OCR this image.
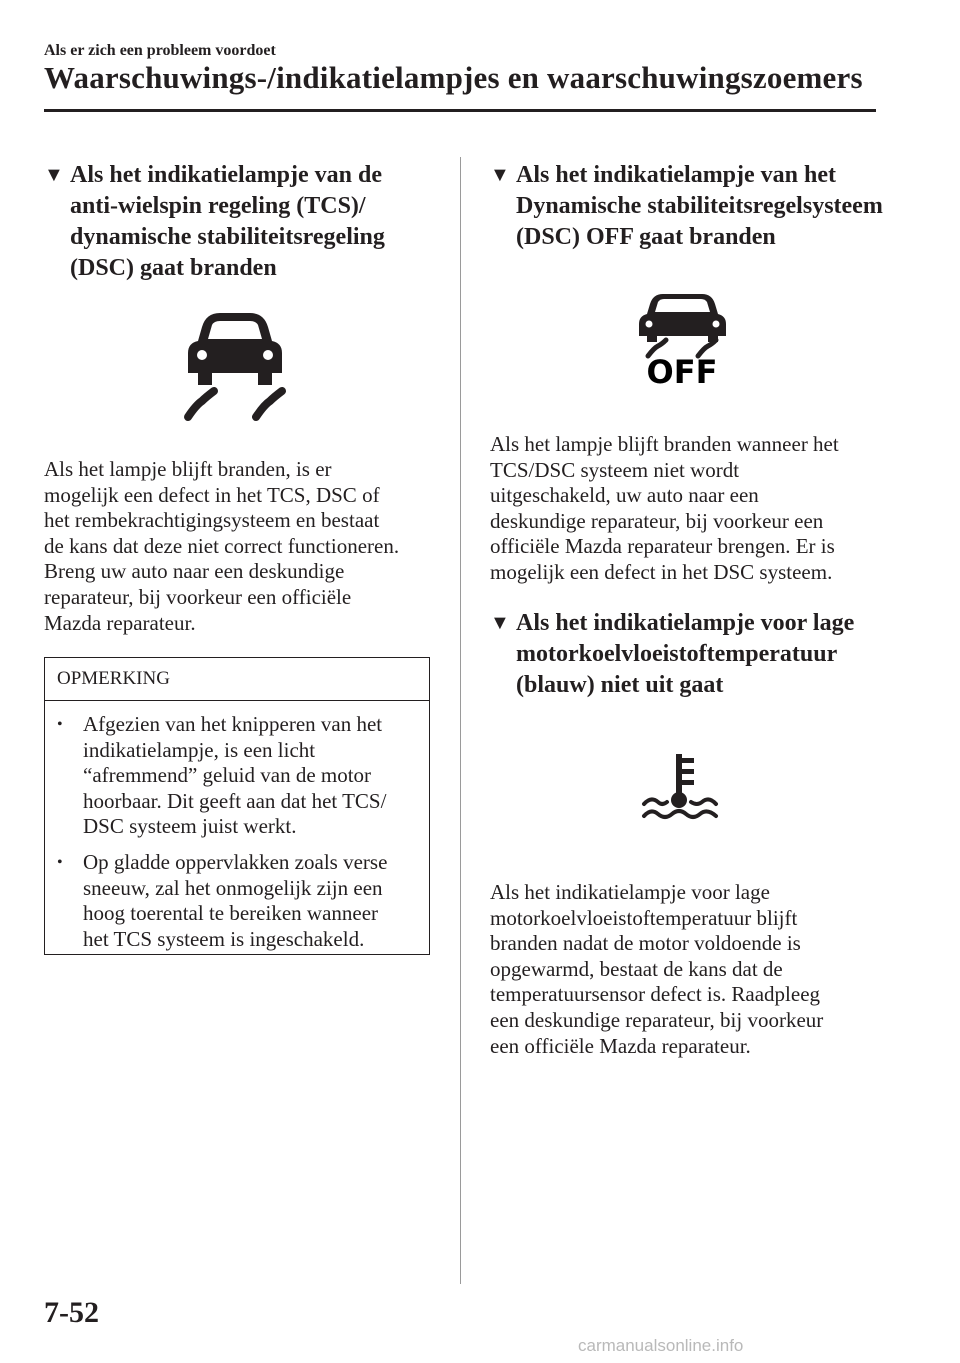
Als er zich een probleem voordoet
Waarschuwings-/indikatielampjes en waarschuwingszoemers
▼ Als het indikatielampje van de
anti-wielspin regeling (TCS)/
dynamische stabiliteitsregeling
(DSC) gaat branden
Als het lampje blijft branden, is er
mogelijk een defect in het TCS, DSC of
het rembekrachtigingsysteem en bestaat
de kans dat deze niet correct functioneren.
Breng uw auto naar een deskundige
reparateur, bij voorkeur een officiële
Mazda reparateur.
OPMERKING
• Afgezien van het knipperen van het
indikatielampje, is een licht
“afremmend” geluid van de motor
hoorbaar. Dit geeft aan dat het TCS/
DSC systeem juist werkt.
• Op gladde oppervlakken zoals verse
sneeuw, zal het onmogelijk zijn een
hoog toerental te bereiken wanneer
het TCS systeem is ingeschakeld.
▼ Als het indikatielampje van het
Dynamische stabiliteitsregelsysteem
(DSC) OFF gaat branden
OFF
Als het lampje blijft branden wanneer het
TCS/DSC systeem niet wordt
uitgeschakeld, uw auto naar een
deskundige reparateur, bij voorkeur een
officiële Mazda reparateur brengen. Er is
mogelijk een defect in het DSC systeem.
▼ Als het indikatielampje voor lage
motorkoelvloeistoftemperatuur
(blauw) niet uit gaat
Als het indikatielampje voor lage
motorkoelvloeistoftemperatuur blijft
branden nadat de motor voldoende is
opgewarmd, bestaat de kans dat de
temperatuursensor defect is. Raadpleeg
een deskundige reparateur, bij voorkeur
een officiële Mazda reparateur.
7-52
carmanualsonline.info
